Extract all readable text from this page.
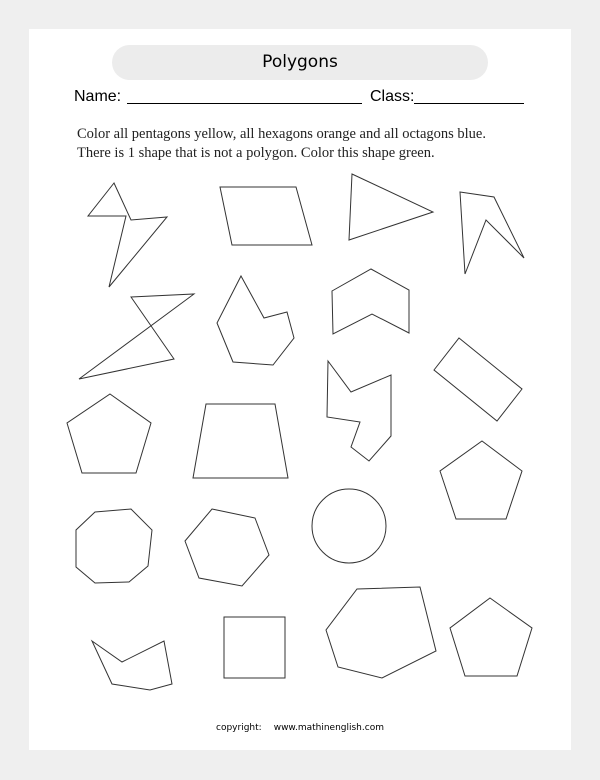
Polygons
Name:	Class:
Color all pentagons yellow, all hexagons orange and all octagons blue.
There is 1 shape that is not a polygon. Color this shape green.
copyright: www.mathinenglish.com
